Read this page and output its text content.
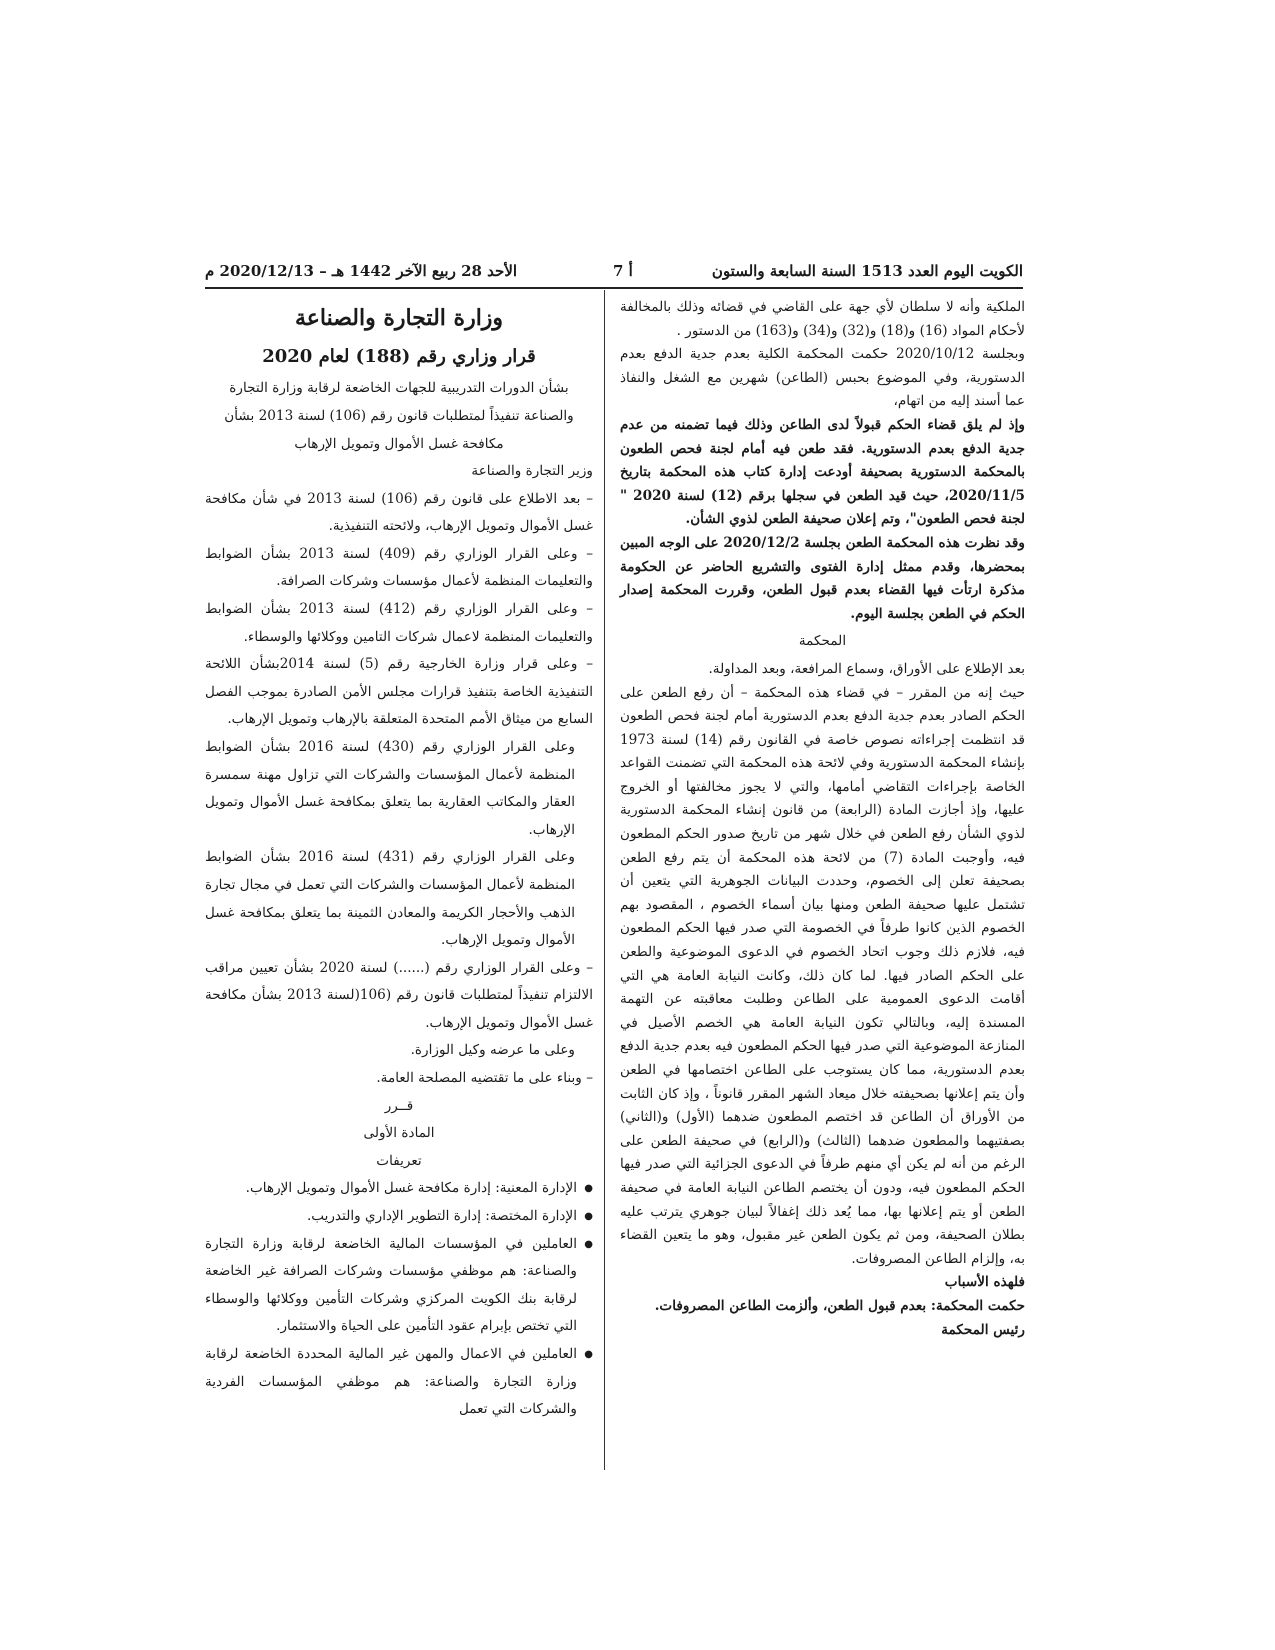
الأحد 28 ربيع الآخر 1442 هـ – 2020/12/13 م	أ 7	الكويت اليوم العدد 1513 السنة السابعة والستون

الملكية وأنه لا سلطان لأي جهة على القاضي في قضائه وذلك بالمخالفة لأحكام المواد (16) و(18) و(32) و(34) و(163) من الدستور .

وبجلسة 2020/10/12 حكمت المحكمة الكلية بعدم جدية الدفع بعدم الدستورية، وفي الموضوع بحبس (الطاعن) شهرين مع الشغل والنفاذ عما أسند إليه من اتهام،

وإذ لم يلق قضاء الحكم قبولاً لدى الطاعن وذلك فيما تضمنه من عدم جدية الدفع بعدم الدستورية. فقد طعن فيه أمام لجنة فحص الطعون بالمحكمة الدستورية بصحيفة أودعت إدارة كتاب هذه المحكمة بتاريخ 2020/11/5، حيث قيد الطعن في سجلها برقم (12) لسنة 2020 " لجنة فحص الطعون"، وتم إعلان صحيفة الطعن لذوي الشأن.

وقد نظرت هذه المحكمة الطعن بجلسة 2020/12/2 على الوجه المبين بمحضرها، وقدم ممثل إدارة الفتوى والتشريع الحاضر عن الحكومة مذكرة ارتأت فيها القضاء بعدم قبول الطعن، وقررت المحكمة إصدار الحكم في الطعن بجلسة اليوم.

المحكمة

بعد الإطلاع على الأوراق، وسماع المرافعة، وبعد المداولة.

حيث إنه من المقرر – في قضاء هذه المحكمة – أن رفع الطعن على الحكم الصادر بعدم جدية الدفع بعدم الدستورية أمام لجنة فحص الطعون قد انتظمت إجراءاته نصوص خاصة في القانون رقم (14) لسنة 1973 بإنشاء المحكمة الدستورية وفي لائحة هذه المحكمة التي تضمنت القواعد الخاصة بإجراءات التقاضي أمامها، والتي لا يجوز مخالفتها أو الخروج عليها، وإذ أجازت المادة (الرابعة) من قانون إنشاء المحكمة الدستورية لذوي الشأن رفع الطعن في خلال شهر من تاريخ صدور الحكم المطعون فيه، وأوجبت المادة (7) من لائحة هذه المحكمة أن يتم رفع الطعن بصحيفة تعلن إلى الخصوم، وحددت البيانات الجوهرية التي يتعين أن تشتمل عليها صحيفة الطعن ومنها بيان أسماء الخصوم ، المقصود بهم الخصوم الذين كانوا طرفاً في الخصومة التي صدر فيها الحكم المطعون فيه، فلازم ذلك وجوب اتحاد الخصوم في الدعوى الموضوعية والطعن على الحكم الصادر فيها. لما كان ذلك، وكانت النيابة العامة هي التي أقامت الدعوى العمومية على الطاعن وطلبت معاقبته عن التهمة المسندة إليه، وبالتالي تكون النيابة العامة هي الخصم الأصيل في المنازعة الموضوعية التي صدر فيها الحكم المطعون فيه بعدم جدية الدفع بعدم الدستورية، مما كان يستوجب على الطاعن اختصامها في الطعن وأن يتم إعلانها بصحيفته خلال ميعاد الشهر المقرر قانوناً ، وإذ كان الثابت من الأوراق أن الطاعن قد اختصم المطعون ضدهما (الأول) و(الثاني) بصفتيهما والمطعون ضدهما (الثالث) و(الرابع) في صحيفة الطعن على الرغم من أنه لم يكن أي منهم طرفاً في الدعوى الجزائية التي صدر فيها الحكم المطعون فيه، ودون أن يختصم الطاعن النيابة العامة في صحيفة الطعن أو يتم إعلانها بها، مما يُعد ذلك إغفالاً لبيان جوهري يترتب عليه بطلان الصحيفة، ومن ثم يكون الطعن غير مقبول، وهو ما يتعين القضاء به، وإلزام الطاعن المصروفات.

فلهذه الأسباب

حكمت المحكمة: بعدم قبول الطعن، وألزمت الطاعن المصروفات.

رئيس المحكمة

وزارة التجارة والصناعة

قرار وزاري رقم (188) لعام 2020

بشأن الدورات التدريبية للجهات الخاضعة لرقابة وزارة التجارة والصناعة تنفيذاً لمتطلبات قانون رقم (106) لسنة 2013 بشأن مكافحة غسل الأموال وتمويل الإرهاب

وزير التجارة والصناعة

– بعد الاطلاع على قانون رقم (106) لسنة 2013 في شأن مكافحة غسل الأموال وتمويل الإرهاب، ولائحته التنفيذية.

– وعلى القرار الوزاري رقم (409) لسنة 2013 بشأن الضوابط والتعليمات المنظمة لأعمال مؤسسات وشركات الصرافة.

– وعلى القرار الوزاري رقم (412) لسنة 2013 بشأن الضوابط والتعليمات المنظمة لاعمال شركات التامين ووكلائها والوسطاء.

– وعلى قرار وزارة الخارجية رقم (5) لسنة 2014بشأن اللائحة التنفيذية الخاصة بتنفيذ قرارات مجلس الأمن الصادرة بموجب الفصل السابع من ميثاق الأمم المتحدة المتعلقة بالإرهاب وتمويل الإرهاب.

وعلى القرار الوزاري رقم (430) لسنة 2016 بشأن الضوابط المنظمة لأعمال المؤسسات والشركات التي تزاول مهنة سمسرة العقار والمكاتب العقارية بما يتعلق بمكافحة غسل الأموال وتمويل الإرهاب.

وعلى القرار الوزاري رقم (431) لسنة 2016 بشأن الضوابط المنظمة لأعمال المؤسسات والشركات التي تعمل في مجال تجارة الذهب والأحجار الكريمة والمعادن الثمينة بما يتعلق بمكافحة غسل الأموال وتمويل الإرهاب.

– وعلى القرار الوزاري رقم (......) لسنة 2020 بشأن تعيين مراقب الالتزام تنفيذاً لمتطلبات قانون رقم (106(لسنة 2013 بشأن مكافحة غسل الأموال وتمويل الإرهاب.

وعلى ما عرضه وكيل الوزارة.

– وبناء على ما تقتضيه المصلحة العامة.

قــرر

المادة الأولى

تعريفات

● الإدارة المعنية: إدارة مكافحة غسل الأموال وتمويل الإرهاب.

● الإدارة المختصة: إدارة التطوير الإداري والتدريب.

● العاملين في المؤسسات المالية الخاضعة لرقابة وزارة التجارة والصناعة: هم موظفي مؤسسات وشركات الصرافة غير الخاضعة لرقابة بنك الكويت المركزي وشركات التأمين ووكلائها والوسطاء التي تختص بإبرام عقود التأمين على الحياة والاستثمار.

● العاملين في الاعمال والمهن غير المالية المحددة الخاضعة لرقابة وزارة التجارة والصناعة: هم موظفي المؤسسات الفردية والشركات التي تعمل
